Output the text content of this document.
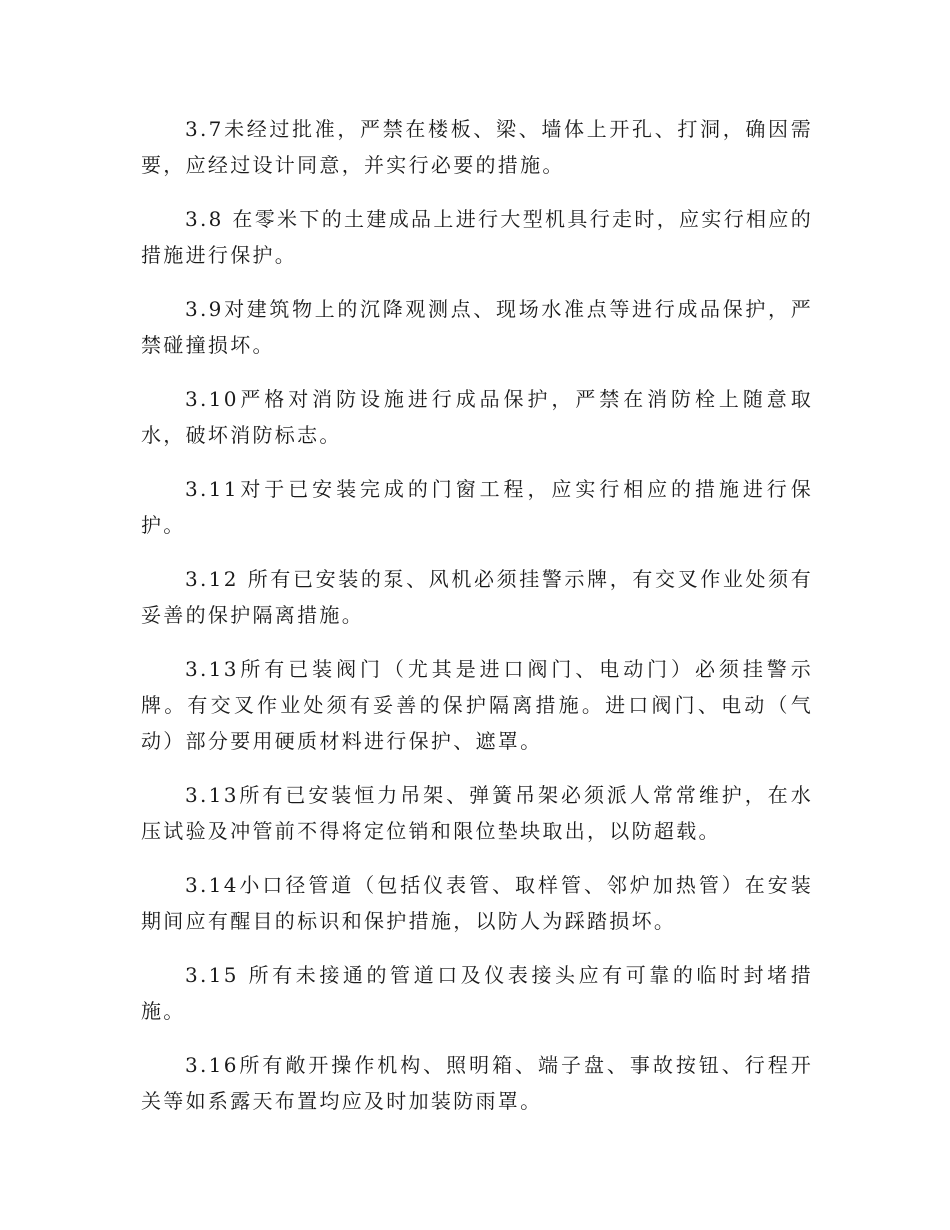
3.7未经过批准，严禁在楼板、梁、墙体上开孔、打洞，确因需要，应经过设计同意，并实行必要的措施。

3.8 在零米下的土建成品上进行大型机具行走时，应实行相应的措施进行保护。

3.9对建筑物上的沉降观测点、现场水准点等进行成品保护，严禁碰撞损坏。

3.10严格对消防设施进行成品保护，严禁在消防栓上随意取水，破坏消防标志。

3.11对于已安装完成的门窗工程，应实行相应的措施进行保护。

3.12 所有已安装的泵、风机必须挂警示牌，有交叉作业处须有妥善的保护隔离措施。

3.13所有已装阀门（尤其是进口阀门、电动门）必须挂警示牌。有交叉作业处须有妥善的保护隔离措施。进口阀门、电动（气动）部分要用硬质材料进行保护、遮罩。

3.13所有已安装恒力吊架、弹簧吊架必须派人常常维护，在水压试验及冲管前不得将定位销和限位垫块取出，以防超载。

3.14小口径管道（包括仪表管、取样管、邻炉加热管）在安装期间应有醒目的标识和保护措施，以防人为踩踏损坏。

3.15 所有未接通的管道口及仪表接头应有可靠的临时封堵措施。

3.16所有敞开操作机构、照明箱、端子盘、事故按钮、行程开关等如系露天布置均应及时加装防雨罩。
